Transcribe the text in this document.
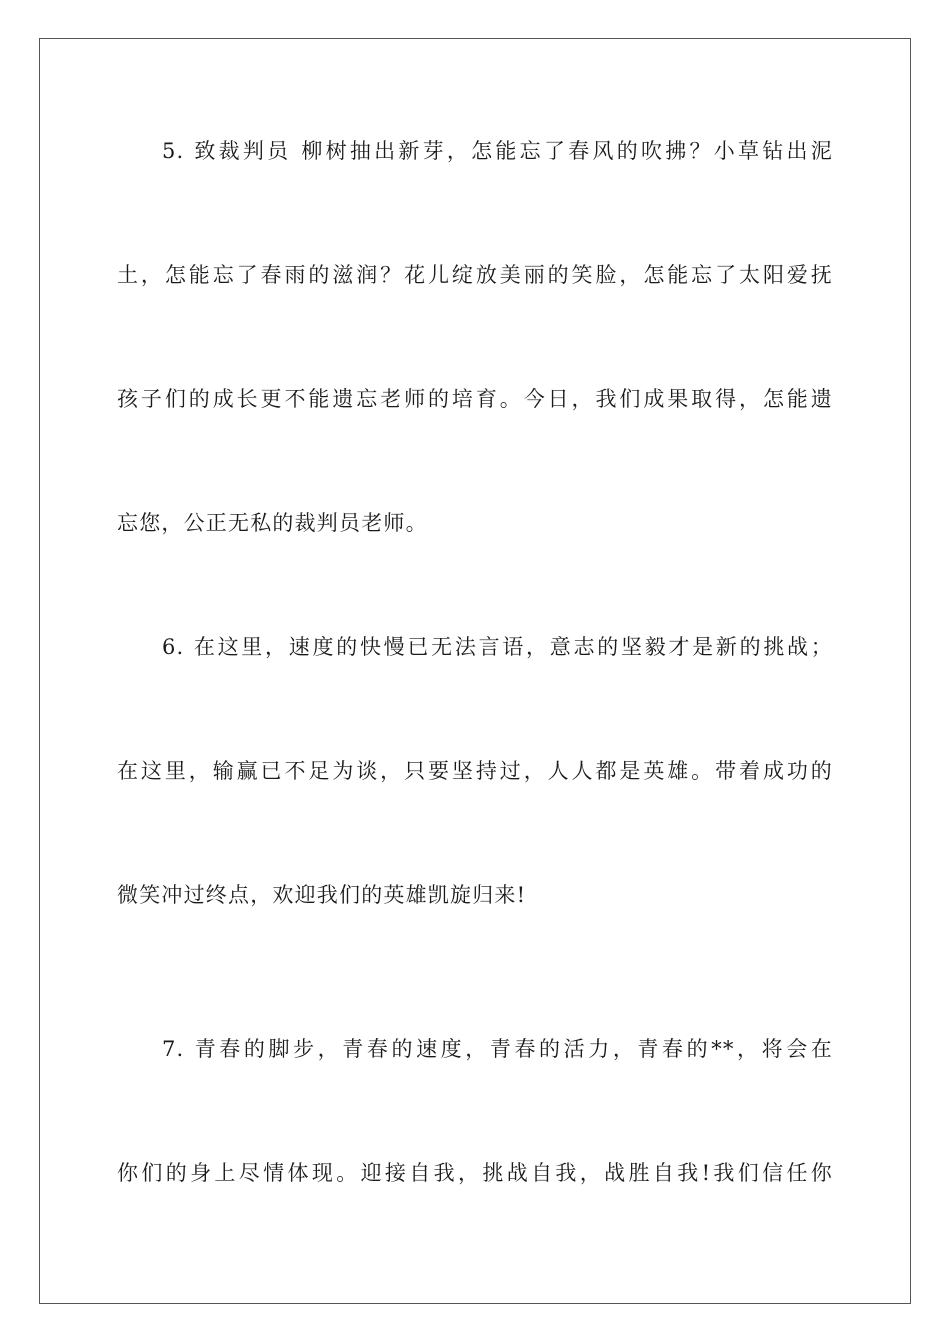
5. 致裁判员 柳树抽出新芽，怎能忘了春风的吹拂？小草钻出泥
土，怎能忘了春雨的滋润？花儿绽放美丽的笑脸，怎能忘了太阳爱抚
孩子们的成长更不能遗忘老师的培育。今日，我们成果取得，怎能遗
忘您，公正无私的裁判员老师。
6. 在这里，速度的快慢已无法言语，意志的坚毅才是新的挑战；
在这里，输赢已不足为谈，只要坚持过，人人都是英雄。带着成功的
微笑冲过终点，欢迎我们的英雄凯旋归来!
7. 青春的脚步，青春的速度，青春的活力，青春的**，将会在
你们的身上尽情体现。迎接自我，挑战自我，战胜自我!我们信任你
